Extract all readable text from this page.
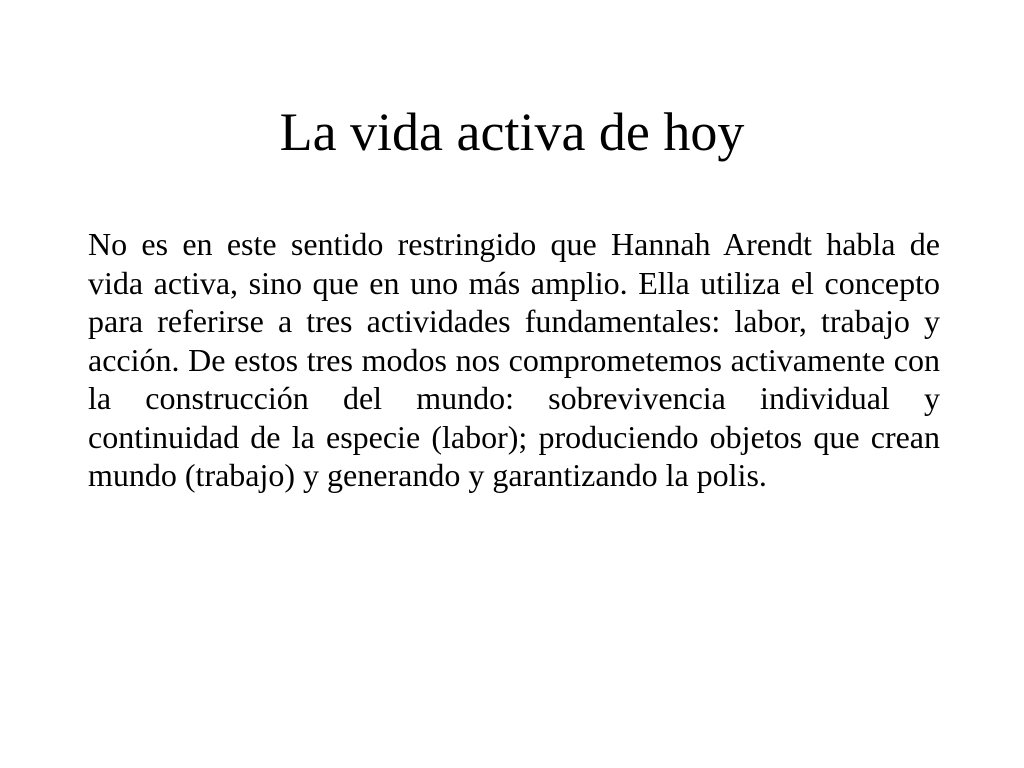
La vida activa de hoy

No es en este sentido restringido que Hannah Arendt habla de vida activa, sino que en uno más amplio. Ella utiliza el concepto para referirse a tres actividades fundamentales: labor, trabajo y acción. De estos tres modos nos comprometemos activamente con la construcción del mundo: sobrevivencia individual y continuidad de la especie (labor); produciendo objetos que crean mundo (trabajo) y generando y garantizando la polis.
